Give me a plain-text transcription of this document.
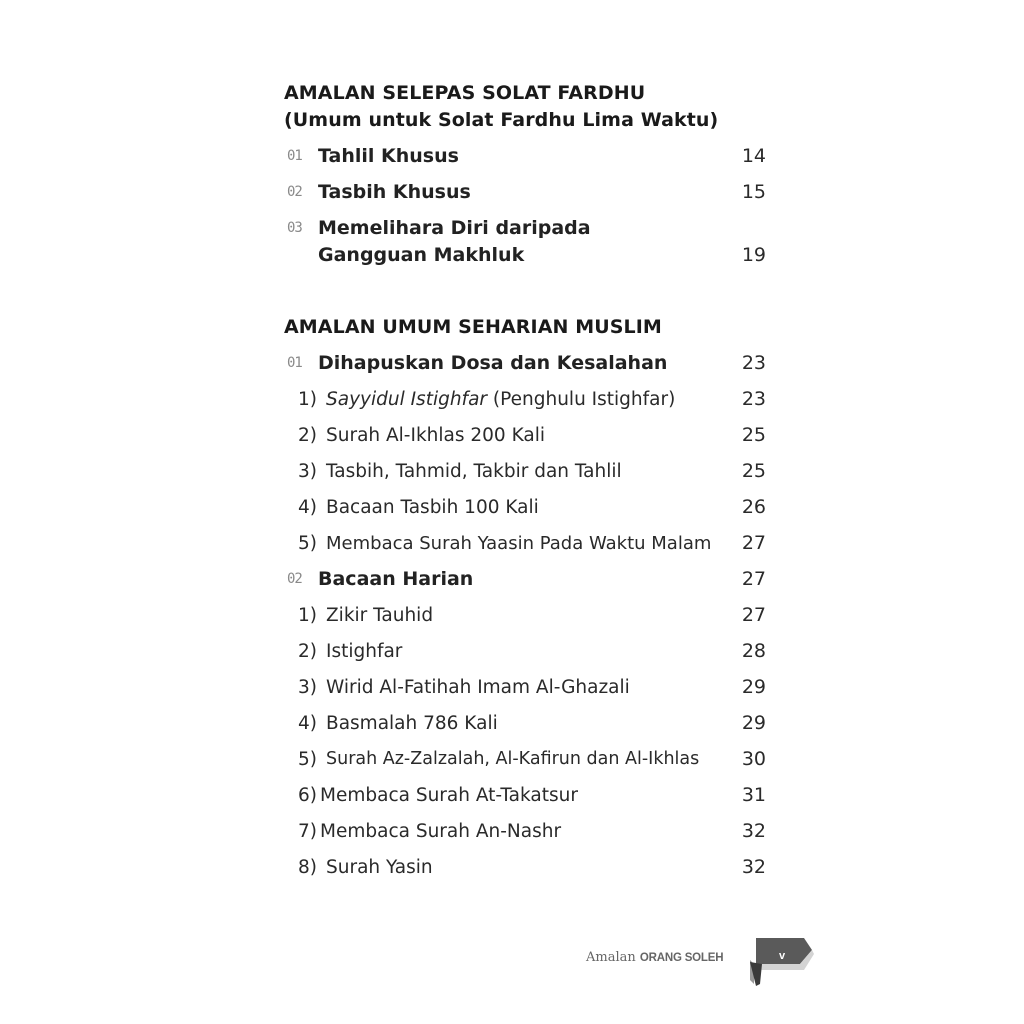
AMALAN SELEPAS SOLAT FARDHU
(Umum untuk Solat Fardhu Lima Waktu)
01 Tahlil Khusus	14
02 Tasbih Khusus	15
03 Memelihara Diri daripada
Gangguan Makhluk	19
AMALAN UMUM SEHARIAN MUSLIM
01 Dihapuskan Dosa dan Kesalahan	23
1) Sayyidul Istighfar (Penghulu Istighfar)	23
2) Surah Al-Ikhlas 200 Kali	25
3) Tasbih, Tahmid, Takbir dan Tahlil	25
4) Bacaan Tasbih 100 Kali	26
5) Membaca Surah Yaasin Pada Waktu Malam 27
02 Bacaan Harian	27
1) Zikir Tauhid	27
2) Istighfar	28
3) Wirid Al-Fatihah Imam Al-Ghazali	29
4) Basmalah 786 Kali	29
5) Surah Az-Zalzalah, Al-Kafirun dan Al-Ikhlas 30
6) Membaca Surah At-Takatsur	31
7) Membaca Surah An-Nashr	32
8) Surah Yasin	32
Amalan ORANG SOLEH	v
